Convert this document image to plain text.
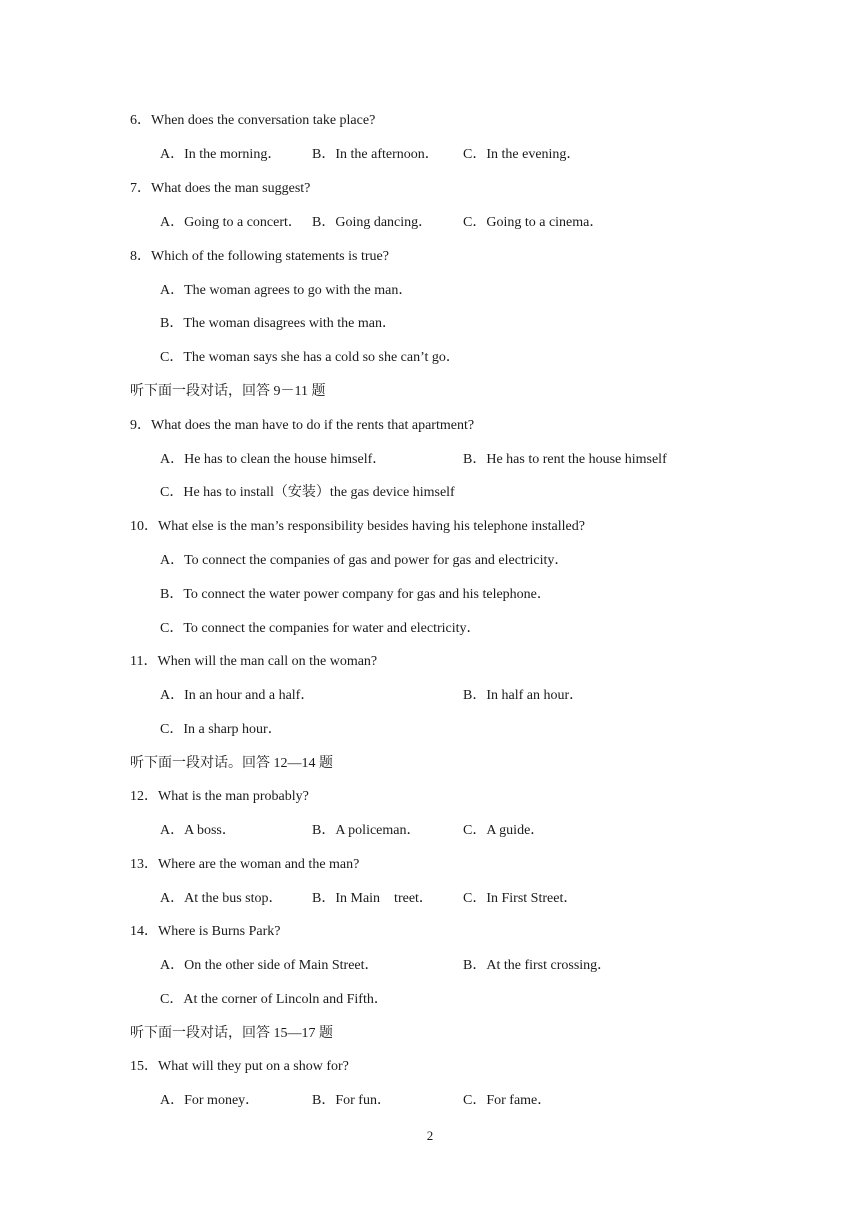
6．When does the conversation take place?
A．In the morning． B．In the afternoon． C．In the evening．
7．What does the man suggest?
A．Going to a concert． B．Going dancing． C．Going to a cinema．
8．Which of the following statements is true?
A．The woman agrees to go with the man．
B．The woman disagrees with the man．
C．The woman says she has a cold so she can’t go．
听下面一段对话，回答 9－11 题
9．What does the man have to do if the rents that apartment?
A．He has to clean the house himself．	B．He has to rent the house himself
C．He has to install（安装）the gas device himself
10．What else is the man’s responsibility besides having his telephone installed?
A．To connect the companies of gas and power for gas and electricity．
B．To connect the water power company for gas and his telephone．
C．To connect the companies for water and electricity．
11．When will the man call on the woman?
A．In an hour and a half．	B．In half an hour．
C．In a sharp hour．
听下面一段对话。回答 12—14 题
12．What is the man probably?
A．A boss．	B．A policeman．	C．A guide．
13．Where are the woman and the man?
A．At the bus stop． B．In Main　treet． C．In First Street．
14．Where is Burns Park?
A．On the other side of Main Street．	B．At the first crossing．
C．At the corner of Lincoln and Fifth．
听下面一段对话，回答 15—17 题
15．What will they put on a show for?
A．For money．	B．For fun．	C．For fame．
2
